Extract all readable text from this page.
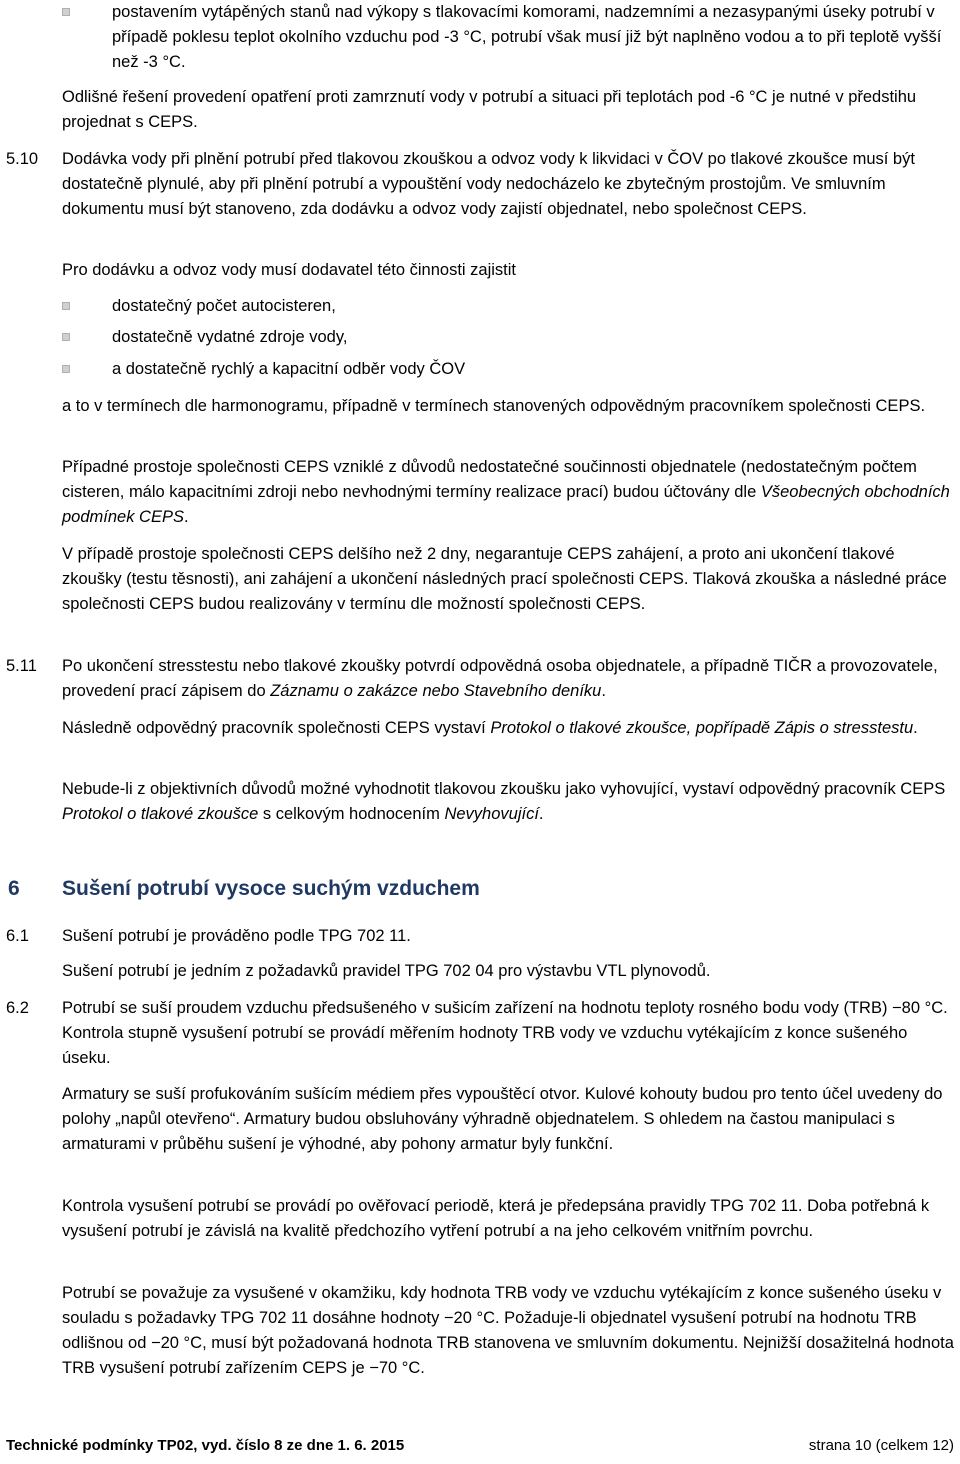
postavením vytápěných stanů nad výkopy s tlakovacími komorami, nadzemními a nezasypanými úseky potrubí v případě poklesu teplot okolního vzduchu pod -3 °C, potrubí však musí již být naplněno vodou a to při teplotě vyšší než -3 °C.

Odlišné řešení provedení opatření proti zamrznutí vody v potrubí a situaci při teplotách pod -6 °C je nutné v předstihu projednat s CEPS.

5.10 Dodávka vody při plnění potrubí před tlakovou zkouškou a odvoz vody k likvidaci v ČOV po tlakové zkoušce musí být dostatečně plynulé, aby při plnění potrubí a vypouštění vody nedocházelo ke zbytečným prostojům. Ve smluvním dokumentu musí být stanoveno, zda dodávku a odvoz vody zajistí objednatel, nebo společnost CEPS.

Pro dodávku a odvoz vody musí dodavatel této činnosti zajistit

dostatečný počet autocisteren,

dostatečně vydatné zdroje vody,

a dostatečně rychlý a kapacitní odběr vody ČOV

a to v termínech dle harmonogramu, případně v termínech stanovených odpovědným pracovníkem společnosti CEPS.

Případné prostoje společnosti CEPS vzniklé z důvodů nedostatečné součinnosti objednatele (nedostatečným počtem cisteren, málo kapacitními zdroji nebo nevhodnými termíny realizace prací) budou účtovány dle Všeobecných obchodních podmínek CEPS.

V případě prostoje společnosti CEPS delšího než 2 dny, negarantuje CEPS zahájení, a proto ani ukončení tlakové zkoušky (testu těsnosti), ani zahájení a ukončení následných prací společnosti CEPS. Tlaková zkouška a následné práce společnosti CEPS budou realizovány v termínu dle možností společnosti CEPS.

5.11 Po ukončení stresstestu nebo tlakové zkoušky potvrdí odpovědná osoba objednatele, a případně TIČR a provozovatele, provedení prací zápisem do Záznamu o zakázce nebo Stavebního deníku.

Následně odpovědný pracovník společnosti CEPS vystaví Protokol o tlakové zkoušce, popřípadě Zápis o stresstestu.

Nebude-li z objektivních důvodů možné vyhodnotit tlakovou zkoušku jako vyhovující, vystaví odpovědný pracovník CEPS Protokol o tlakové zkoušce s celkovým hodnocením Nevyhovující.

6 Sušení potrubí vysoce suchým vzduchem
6.1 Sušení potrubí je prováděno podle TPG 702 11.

Sušení potrubí je jedním z požadavků pravidel TPG 702 04 pro výstavbu VTL plynovodů.

6.2 Potrubí se suší proudem vzduchu předsušeného v sušicím zařízení na hodnotu teploty rosného bodu vody (TRB) −80 °C. Kontrola stupně vysušení potrubí se provádí měřením hodnoty TRB vody ve vzduchu vytékajícím z konce sušeného úseku.

Armatury se suší profukováním sušícím médiem přes vypouštěcí otvor. Kulové kohouty budou pro tento účel uvedeny do polohy „napůl otevřeno“. Armatury budou obsluhovány výhradně objednatelem. S ohledem na častou manipulaci s armaturami v průběhu sušení je výhodné, aby pohony armatur byly funkční.

Kontrola vysušení potrubí se provádí po ověřovací periodě, která je předepsána pravidly TPG 702 11. Doba potřebná k vysušení potrubí je závislá na kvalitě předchozího vytření potrubí a na jeho celkovém vnitřním povrchu.

Potrubí se považuje za vysušené v okamžiku, kdy hodnota TRB vody ve vzduchu vytékajícím z konce sušeného úseku v souladu s požadavky TPG 702 11 dosáhne hodnoty −20 °C. Požaduje-li objednatel vysušení potrubí na hodnotu TRB odlišnou od −20 °C, musí být požadovaná hodnota TRB stanovena ve smluvním dokumentu. Nejnižší dosažitelná hodnota TRB vysušení potrubí zařízením CEPS je −70 °C.

Technické podmínky TP02, vyd. číslo 8 ze dne 1. 6. 2015	strana 10 (celkem 12)
